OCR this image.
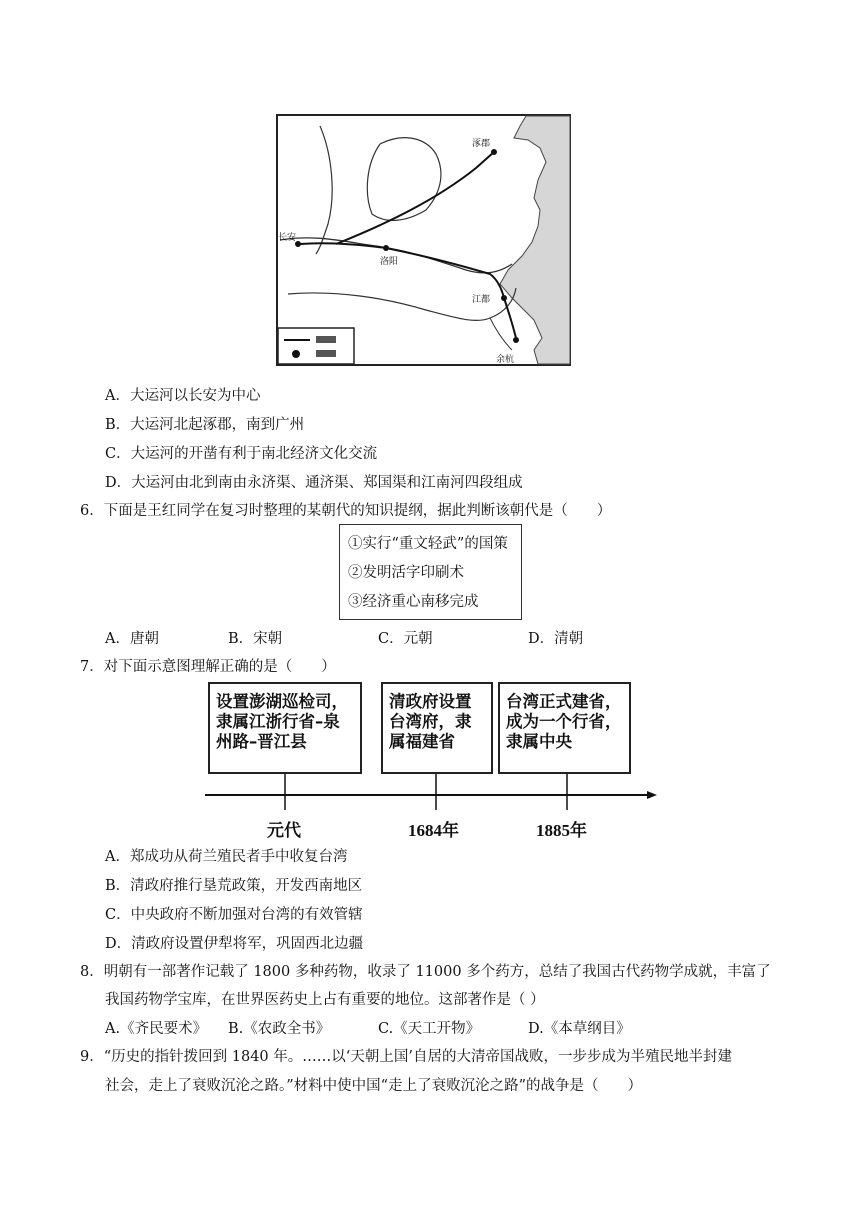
长安
洛阳
涿郡
江都
余杭
A．大运河以长安为中心
B．大运河北起涿郡，南到广州
C．大运河的开凿有利于南北经济文化交流
D．大运河由北到南由永济渠、通济渠、郑国渠和江南河四段组成
6．下面是王红同学在复习时整理的某朝代的知识提纲，据此判断该朝代是（　　）
①实行“重文轻武”的国策
②发明活字印刷术
③经济重心南移完成
A．唐朝	B．宋朝	C．元朝	D．清朝
7．对下面示意图理解正确的是（　　）
设置澎湖巡检司，隶属江浙行省–泉州路–晋江县
清政府设置台湾府，隶属福建省
台湾正式建省，成为一个行省，隶属中央
元代	1684年	1885年
A．郑成功从荷兰殖民者手中收复台湾
B．清政府推行垦荒政策，开发西南地区
C．中央政府不断加强对台湾的有效管辖
D．清政府设置伊犁将军，巩固西北边疆
8．明朝有一部著作记载了 1800 多种药物，收录了 11000 多个药方，总结了我国古代药物学成就，丰富了
我国药物学宝库，在世界医药史上占有重要的地位。这部著作是（ ）
A.《齐民要术》 B.《农政全书》	C.《天工开物》	D.《本草纲目》
9．“历史的指针拨回到 1840 年。……以‘天朝上国’自居的大清帝国战败，一步步成为半殖民地半封建
社会，走上了衰败沉沦之路。”材料中使中国“走上了衰败沉沦之路”的战争是（　　）
